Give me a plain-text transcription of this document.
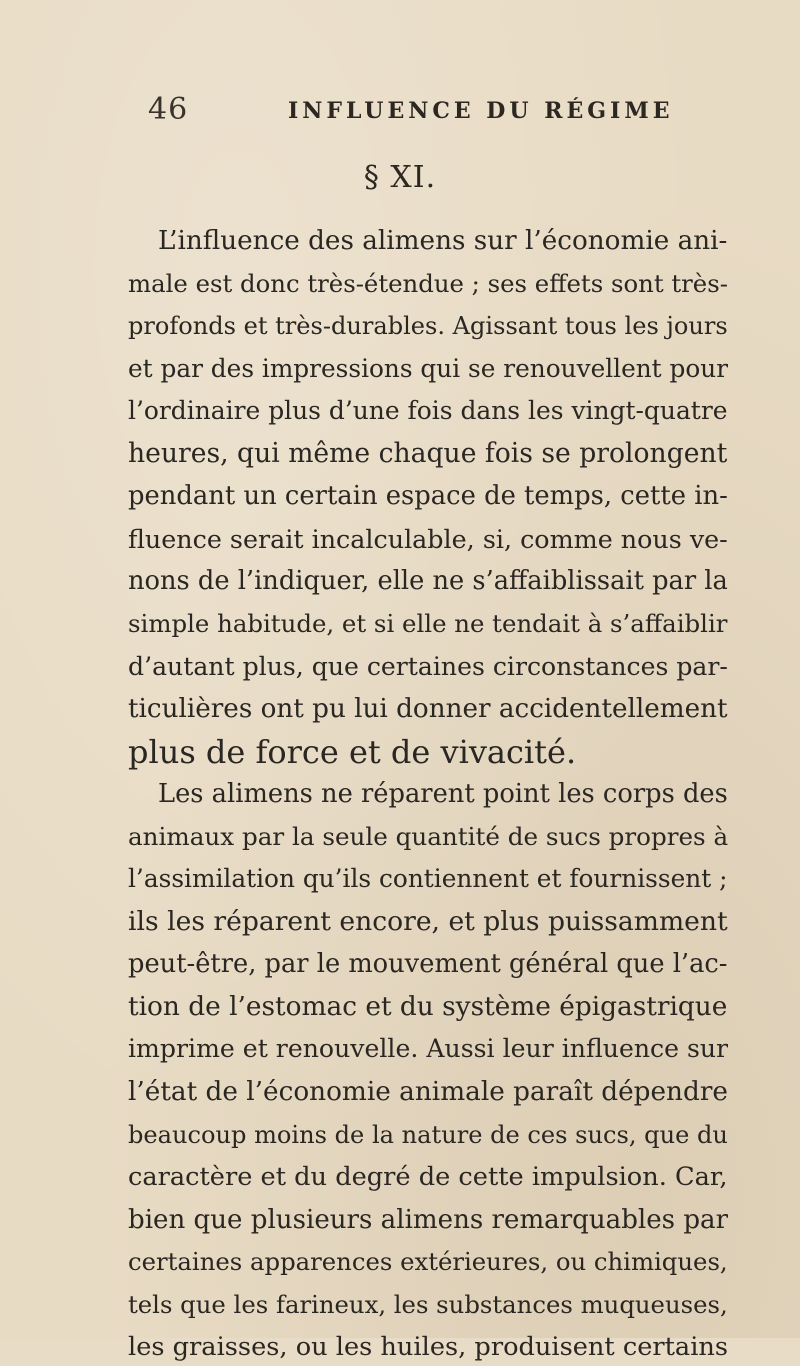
46	INFLUENCE DU RÉGIME
§ XI.
L’influence des alimens sur l’économie ani-
male est donc très-étendue ; ses effets sont très-
profonds et très-durables. Agissant tous les jours
et par des impressions qui se renouvellent pour
l’ordinaire plus d’une fois dans les vingt-quatre
heures, qui même chaque fois se prolongent
pendant un certain espace de temps, cette in-
fluence serait incalculable, si, comme nous ve-
nons de l’indiquer, elle ne s’affaiblissait par la
simple habitude, et si elle ne tendait à s’affaiblir
d’autant plus, que certaines circonstances par-
ticulières ont pu lui donner accidentellement
plus de force et de vivacité.
Les alimens ne réparent point les corps des
animaux par la seule quantité de sucs propres à
l’assimilation qu’ils contiennent et fournissent ;
ils les réparent encore, et plus puissamment
peut-être, par le mouvement général que l’ac-
tion de l’estomac et du système épigastrique
imprime et renouvelle. Aussi leur influence sur
l’état de l’économie animale paraît dépendre
beaucoup moins de la nature de ces sucs, que du
caractère et du degré de cette impulsion. Car,
bien que plusieurs alimens remarquables par
certaines apparences extérieures, ou chimiques,
tels que les farineux, les substances muqueuses,
les graisses, ou les huiles, produisent certains
